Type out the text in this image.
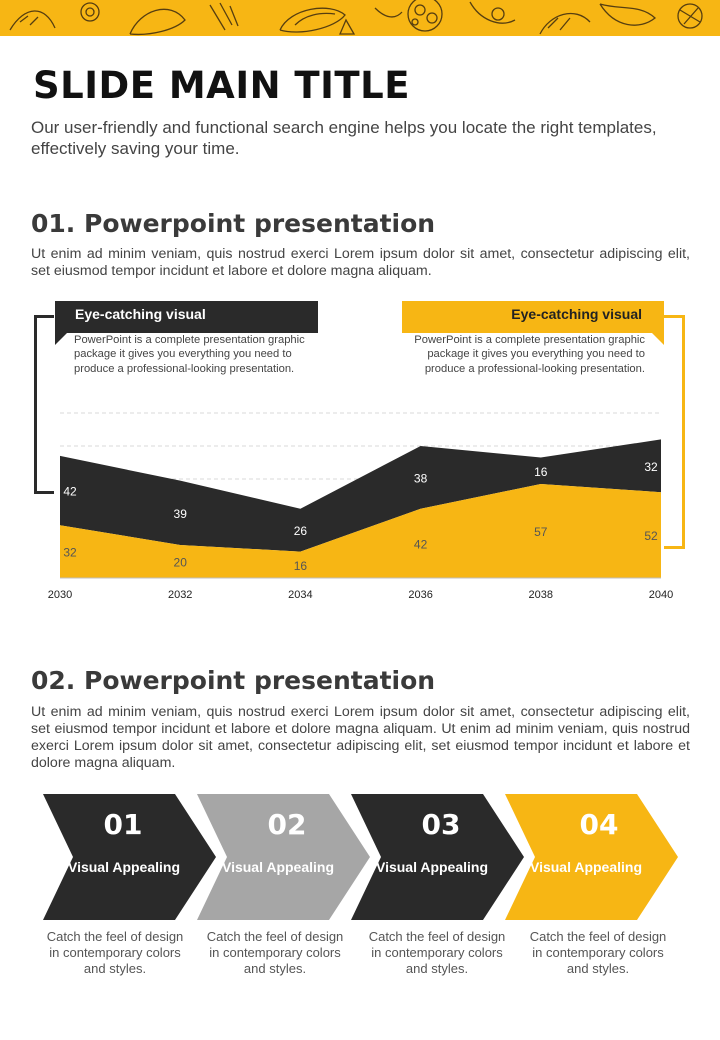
SLIDE MAIN TITLE

Our user-friendly and functional search engine helps you locate the right templates,
effectively saving your time.

01. Powerpoint presentation

Ut enim ad minim veniam, quis nostrud exerci Lorem ipsum dolor sit amet, consectetur adipiscing elit, set eiusmod tempor incidunt et labore et dolore magna aliquam.

Eye-catching visual

PowerPoint is a complete presentation graphic package it gives you everything you need to produce a professional-looking presentation.

Eye-catching visual

PowerPoint is a complete presentation graphic package it gives you everything you need to produce a professional-looking presentation.

32
42
2030
20
39
2032
16
26
2034
42
38
2036
57
16
2038
52
32
2040
02. Powerpoint presentation

Ut enim ad minim veniam, quis nostrud exerci Lorem ipsum dolor sit amet, consectetur adipiscing elit, set eiusmod tempor incidunt et labore et dolore magna aliquam. Ut enim ad minim veniam, quis nostrud exerci Lorem ipsum dolor sit amet, consectetur adipiscing elit, set eiusmod tempor incidunt et labore et dolore magna aliquam.

01
Visual Appealing
02
Visual Appealing
03
Visual Appealing
04
Visual Appealing

Catch the feel of design in contemporary colors and styles.

Catch the feel of design in contemporary colors and styles.

Catch the feel of design in contemporary colors and styles.

Catch the feel of design in contemporary colors and styles.
